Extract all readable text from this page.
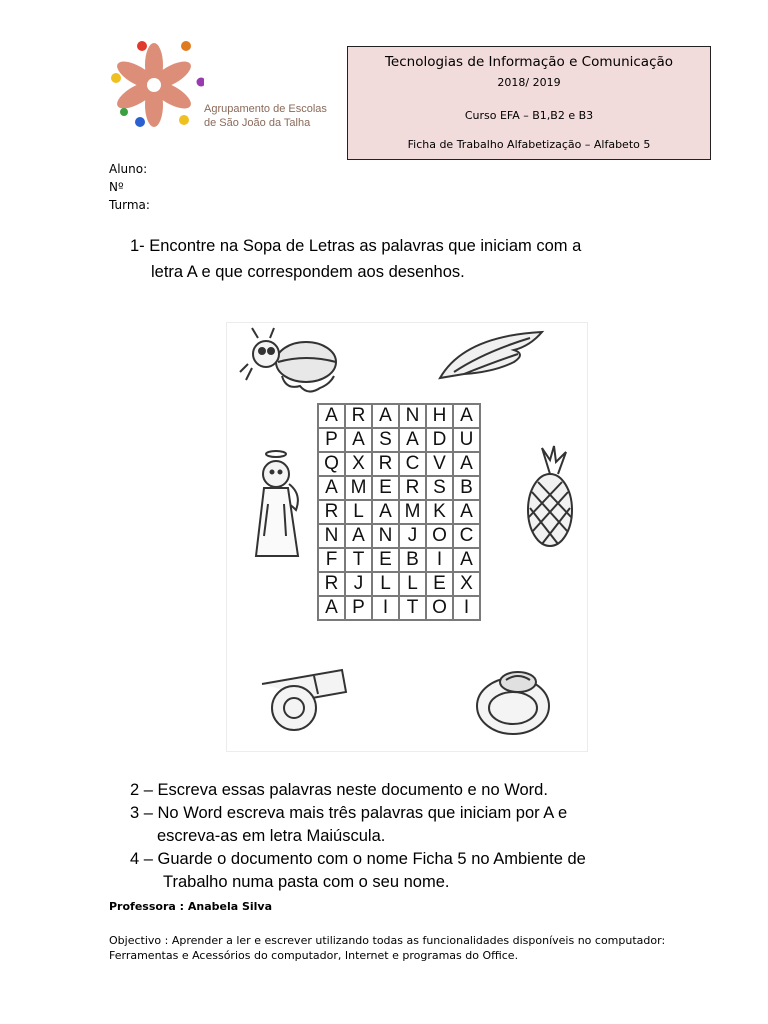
Agrupamento de Escolas
de São João da Talha
Tecnologias de Informação e Comunicação
2018/ 2019
Curso EFA – B1,B2 e B3
Ficha de Trabalho Alfabetização – Alfabeto 5
Aluno:
Nº
Turma:
1- Encontre na Sopa de Letras as palavras que iniciam com a
letra A e que correspondem aos desenhos.
A	R	A	N	H	A
P	A	S	A	D	U
Q	X	R	C	V	A
A	M	E	R	S	B
R	L	A	M	K	A
N	A	N	J	O	C
F	T	E	B	I	A
R	J	L	L	E	X
A	P	I	T	O	I
2 – Escreva essas palavras neste documento e no Word.
3 – No Word escreva mais três palavras que iniciam por A e
escreva-as em letra Maiúscula.
4 – Guarde o documento com o nome Ficha 5 no Ambiente de
Trabalho numa pasta com o seu nome.
Professora : Anabela Silva
Objectivo : Aprender a ler e escrever utilizando todas as funcionalidades disponíveis no computador: Ferramentas e Acessórios do computador, Internet e programas do Office.
